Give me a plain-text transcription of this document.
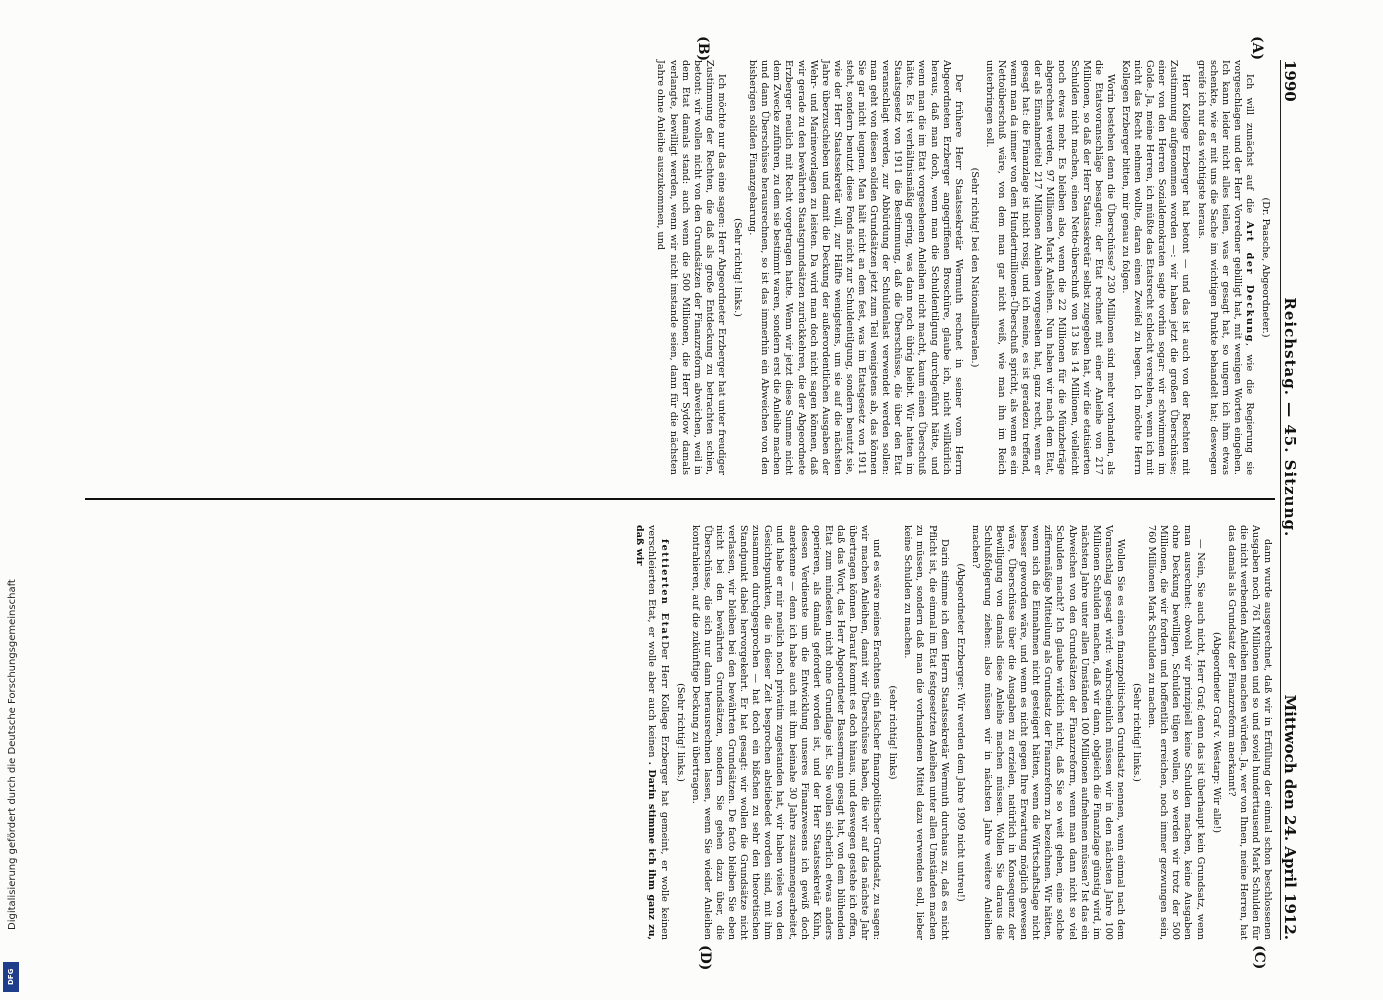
1990
Reichstag. — 45. Sitzung.
Mittwoch den 24. April 1912.
(A)
(B)
(C)
(D)

(Dr. Paasche, Abgeordneter.)

Ich will zunächst auf die Art der Deckung, wie die Regierung sie vorgeschlagen und der Herr Vorredner gebilligt hat, mit wenigen Worten eingehen. Ich kann leider nicht alles teilen, was er gesagt hat, so ungern ich ihm etwas schenkte, wie er mit uns die Sache im wichtigen Punkte behandelt hat; deswegen greife ich nur das wichtigste heraus.

Herr Kollege Erzberger hat betont — und das ist auch von der Rechten mit Zustimmung aufgenommen worden —: wir haben jetzt die großen Überschüsse; einer von den Herren Sozialdemokraten sagte vorhin sogar: wir schwimmen im Golde. Ja, meine Herren, ich müßte das Etatsrecht schlecht verstehen, wenn ich mit nicht das Recht nehmen wollte, daran einen Zweifel zu hegen. Ich möchte Herrn Kollegen Erzberger bitten, mir genau zu folgen.

Worin bestehen denn die Überschüsse? 230 Millionen sind mehr vorhanden, als die Etatsvoranschläge besagten; der Etat rechnet mit einer Anleihe von 217 Millionen, so daß der Herr Staatssekretär selbst zugegeben hat, wir die etatisierten Schulden nicht machen, einen Netto-überschuß von 13 bis 14 Millionen, vielleicht noch etwas mehr. Es bleiben also, wenn die 22 Millionen für die Münzbeträge abgerechnet werden, 97 Millionen Mark Anleihen. Nun haben wir nach dem Etat, der als Einnahmetitel 217 Millionen Anleihen vorgesehen hat, ganz recht, wenn er gesagt hat: die Finanzlage ist nicht rosig, und ich meine, es ist geradezu treffend, wenn man da immer von dem Hundertmillionen-Überschuß spricht, als wenn es ein Nettoüberschuß wäre, von dem man gar nicht weiß, wie man ihn im Reich unterbringen soll.

(Sehr richtig! bei den Nationalliberalen.)

Der frühere Herr Staatssekretär Wermuth rechnet in seiner vom Herrn Abgeordneten Erzberger angegriffenen Broschüre, glaube ich, nicht willkürlich heraus, daß man doch, wenn man die Schuldentilgung durchgeführt hätte, und wenn man die im Etat vorgesehenen Anleihen nicht macht, kaum einen Überschuß hätte. Es ist verhältnismäßig gering, was dann noch übrig bleibt. Wir hatten im Staatsgesetz von 1911 die Bestimmung, daß die Überschüsse, die über den Etat veranschlagt werden, zur Abbürdung der Schuldenlast verwendet werden sollen: man geht von diesen soliden Grundsätzen jetzt zum Teil wenigstens ab, das können Sie gar nicht leugnen. Man hält nicht an dem fest, was im Etatsgesetz von 1911 steht, sondern benutzt diese Fonds nicht zur Schuldentilgung, sondern benutzt sie, wie der Herr Staatssekretär will, zur Hälfte wenigstens, um sie auf die nächsten Jahre überzuschieben und damit die Deckung der außerordentlichen Ausgaben der Wehr- und Marinevorlagen zu leisten. Da wird man doch nicht sagen können, daß wir gerade zu den bewährten Staatsgrundsätzen zurückkehren, die der Abgeordnete Erzberger neulich mit Recht vorgetragen hatte. Wenn wir jetzt diese Summe nicht dem Zwecke zuführen, zu dem sie bestimmt waren, sondern erst die Anleihe machen und dann Überschüsse herausrechnen, so ist das immerhin ein Abweichen von den bisherigen soliden Finanzgebarung.

(Sehr richtig! links.)

Ich möchte nur das eine sagen: Herr Abgeordneter Erzberger hat unter freudiger Zustimmung der Rechten, die daß als große Entdeckung zu betrachten schien, betont: wir wollen nicht von den Grundsätzen der Finanzreform abweichen, weil in dem Etat damals stand: auch wenn die 500 Millionen, die Herr Sydow damals verlangte, bewilligt werden, wenn wir nicht imstande seien, dann für die nächsten Jahre ohne Anleihe auszukommen, und

dann wurde ausgerechnet, daß wir in Erfüllung der einmal schon beschlossenen Ausgaben noch 761 Millionen und so und soviel hunderttausend Mark Schulden für die nicht werbenden Anleihen machen würden. Ja, wer von Ihnen, meine Herren, hat das damals als Grundsatz der Finanzreform anerkannt?

(Abgeordneter Graf v. Westarp: Wir alle!)

— Nein, Sie auch nicht, Herr Graf; denn das ist überhaupt kein Grundsatz, wenn man ausrechnet: obwohl wir prinzipiell keine Schulden machen, keine Ausgaben ohne Deckung bewilligen, Schulden tilgen wollen, so werden wir trotz der 500 Millionen, die wir fordern und hoffentlich erreichen, noch immer gezwungen sein, 760 Millionen Mark Schulden zu machen.

(Sehr richtig! links.)

Wollen Sie es einen finanzpolitischen Grundsatz nennen, wenn einmal nach dem Voranschlag gesagt wird: wahrscheinlich müssen wir in den nächsten Jahre 100 Millionen Schulden machen, daß wir dann, obgleich die Finanzlage günstig wird, im nächsten Jahre unter allen Umständen 100 Millionen aufnehmen müssen? Ist das ein Abweichen von den Grundsätzen der Finanzreform, wenn man dann nicht so viel Schulden macht? Ich glaube wirklich nicht, daß Sie so weit gehen, eine solche ziffernmäßige Mitteilung als Grundsatz der Finanzreform zu bezeichnen. Wir hätten, wenn sich die Einnahmen nicht gesteigert hätten, wenn die Wirtschaftslage nicht besser geworden wäre, und wenn es nicht gegen Ihre Erwartung möglich gewesen wäre, Überschüsse über die Ausgaben zu erzielen, natürlich in Konsequenz der Bewilligung von damals diese Anleihe machen müssen. Wollen Sie daraus die Schlußfolgerung ziehen: also müssen wir in nächsten Jahre weitere Anleihen machen?

(Abgeordneter Erzberger: Wir werden dem Jahre 1909 nicht untreu!)

Darin stimme ich dem Herrn Staatssekretär Wermuth durchaus zu, daß es nicht Pflicht ist, die einmal im Etat festgesetzten Anleihen unter allen Umständen machen zu müssen, sondern daß man die vorhandenen Mittel dazu verwenden soll, lieber keine Schulden zu machen.

(sehr richtig! links)

und es wäre meines Erachtens ein falscher finanzpolitischer Grundsatz, zu sagen: wir machen Anleihen, damit wir Überschüsse haben, die wir auf das nächste Jahr übertragen können. Darauf kommt es doch hinaus, und deswegen gestehe ich offen, daß das Wort, das Herr Abgeordneter Bassermann gesagt hat, von dem blühenden Etat zum mindesten nicht ohne Grundlage ist. Sie wollen sicherlich etwas anders operieren, als damals gefordert worden ist, und der Herr Staatssekretär Kühn, dessen Verdienste um die Entwicklung unseres Finanzwesens ich gewiß doch anerkenne — denn ich habe auch mit ihm beinahe 30 Jahre zusammengearbeitet, und habe er mir neulich noch privatim zugestanden hat, wir haben vieles von den Gesichtspunkten, die in dieser Zeit besprochen abstiebedet worden sind, mit ihm zusammen durchgesprochen — hat doch ein bißchen zu sehr den theoretischen Standpunkt dabei hervorgekehrt. Er hat gesagt: wir wollen die Grundsätze nicht verlassen, wir bleiben bei den bewährten Grundsätzen. De facto bleiben Sie eben nicht bei den bewährten Grundsätzen, sondern Sie gehen dazu über, die Überschüsse, die sich nur dann herausrechnen lassen, wenn Sie wieder Anleihen kontrahieren, auf die zukünftige Deckung zu übertragen.

(Sehr richtig! links.)

fettierten EtatDer Herr Kollege Erzberger hat gemeint, er wolle keinen verschleierten Etat, er wolle aber auch keinen . Darin stimme ich ihm ganz zu, daß wir

Digitalisierung gefördert durch die Deutsche Forschungsgemeinschaft
DFG
